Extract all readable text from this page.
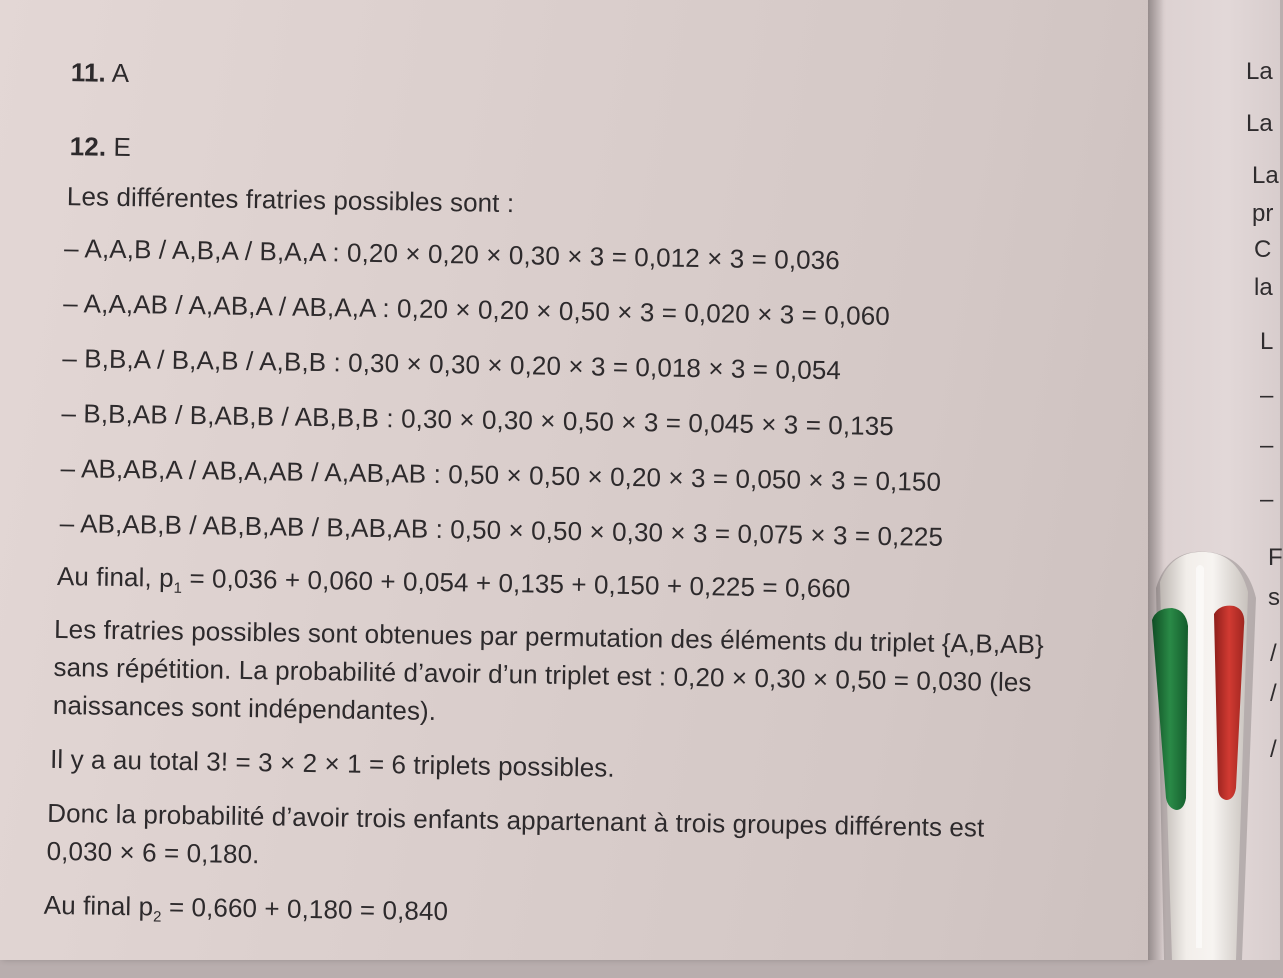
11. A
12. E
Les différentes fratries possibles sont :
– A,A,B / A,B,A / B,A,A : 0,20 × 0,20 × 0,30 × 3 = 0,012 × 3 = 0,036
– A,A,AB / A,AB,A / AB,A,A : 0,20 × 0,20 × 0,50 × 3 = 0,020 × 3 = 0,060
– B,B,A / B,A,B / A,B,B : 0,30 × 0,30 × 0,20 × 3 = 0,018 × 3 = 0,054
– B,B,AB / B,AB,B / AB,B,B : 0,30 × 0,30 × 0,50 × 3 = 0,045 × 3 = 0,135
– AB,AB,A / AB,A,AB / A,AB,AB : 0,50 × 0,50 × 0,20 × 3 = 0,050 × 3 = 0,150
– AB,AB,B / AB,B,AB / B,AB,AB : 0,50 × 0,50 × 0,30 × 3 = 0,075 × 3 = 0,225
Au final, $p_1 = 0,036 + 0,060 + 0,054 + 0,135 + 0,150 + 0,225 = 0,660$
Les fratries possibles sont obtenues par permutation des éléments du triplet {A,B,AB}
sans répétition. La probabilité d’avoir d’un triplet est : 0,20 × 0,30 × 0,50 = 0,030 (les
naissances sont indépendantes).
Il y a au total 3! = 3 × 2 × 1 = 6 triplets possibles.
Donc la probabilité d’avoir trois enfants appartenant à trois groupes différents est
0,030 × 6 = 0,180.
Au final $p_2 = 0,660 + 0,180 = 0,840$
La
La
La
pr
C
la
L
–
–
–
F
s
/
/
/
